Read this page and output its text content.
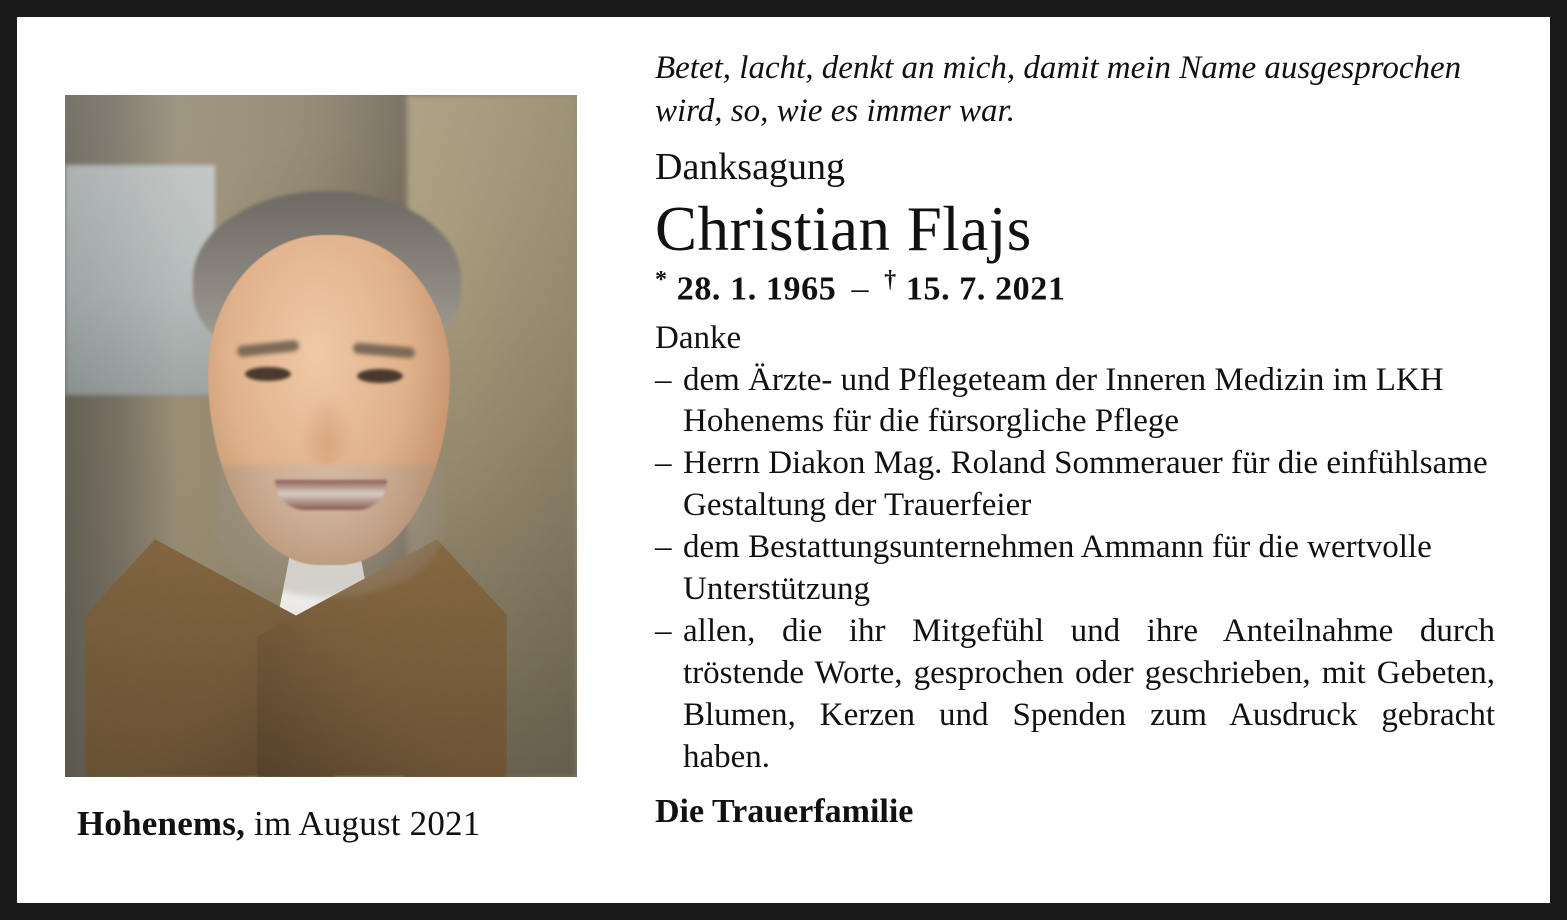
Hohenems, im August 2021
Betet, lacht, denkt an mich, damit mein Name ausgesprochen wird, so, wie es immer war.
Danksagung
Christian Flajs
* 28. 1. 1965 – † 15. 7. 2021
Danke
– dem Ärzte- und Pflegeteam der Inneren Medizin im LKH Hohenems für die fürsorgliche Pflege
– Herrn Diakon Mag. Roland Sommerauer für die einfühlsame Gestaltung der Trauerfeier
– dem Bestattungsunternehmen Ammann für die wertvolle Unterstützung
– allen, die ihr Mitgefühl und ihre Anteilnahme durch tröstende Worte, gesprochen oder geschrieben, mit Gebeten, Blumen, Kerzen und Spenden zum Ausdruck gebracht haben.
Die Trauerfamilie
